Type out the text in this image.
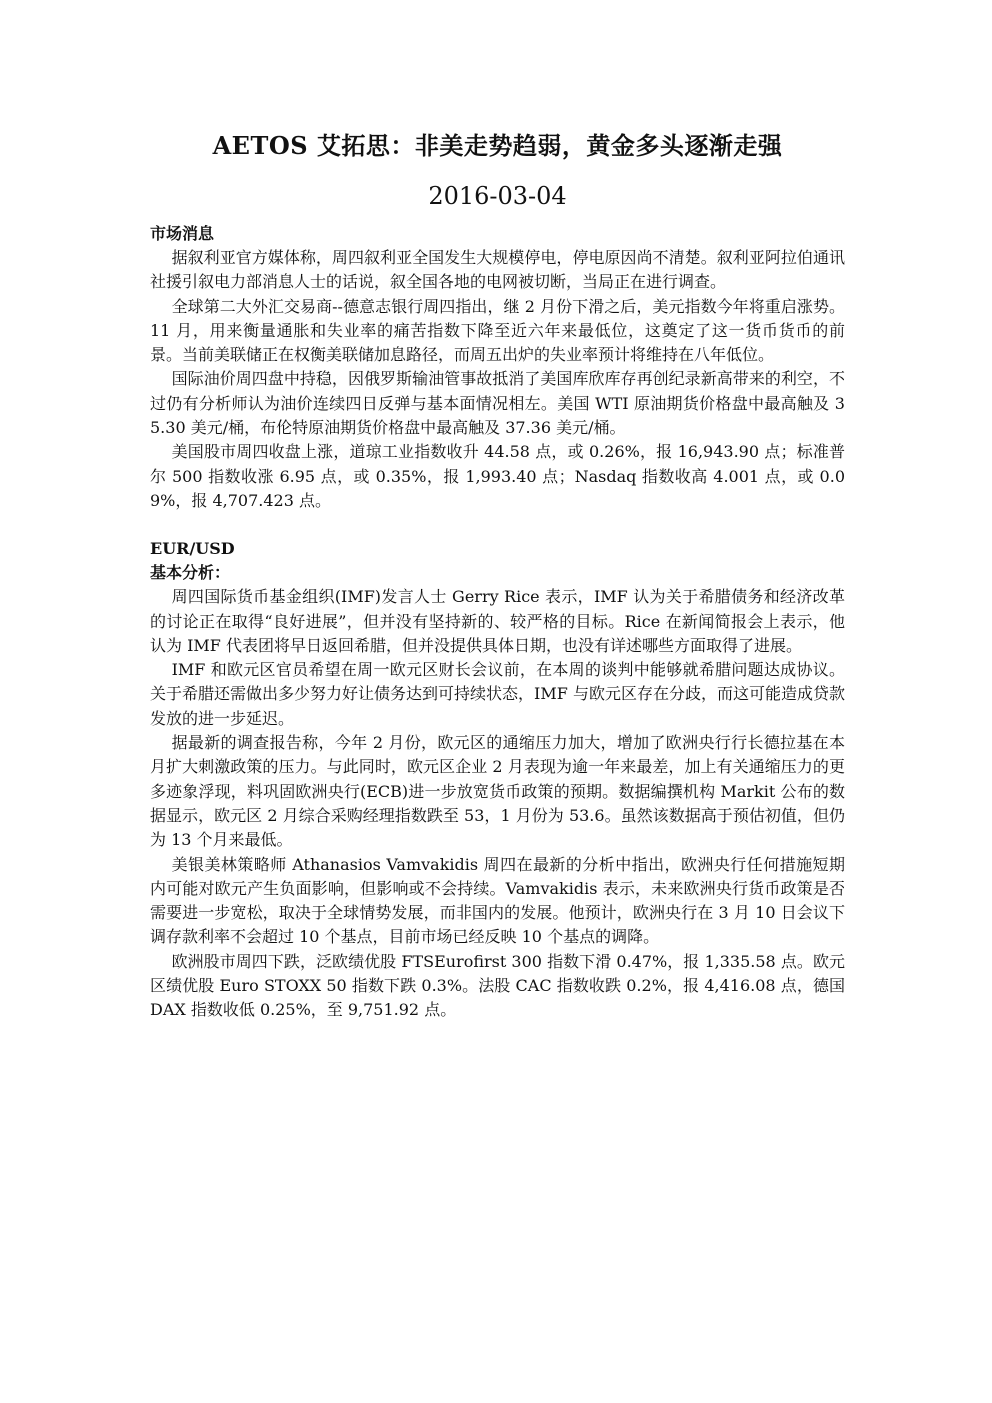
AETOS 艾拓思：非美走势趋弱，黄金多头逐渐走强
2016-03-04
市场消息

据叙利亚官方媒体称，周四叙利亚全国发生大规模停电，停电原因尚不清楚。叙利亚阿拉伯通讯社援引叙电力部消息人士的话说，叙全国各地的电网被切断，当局正在进行调查。

全球第二大外汇交易商--德意志银行周四指出，继 2 月份下滑之后，美元指数今年将重启涨势。11 月，用来衡量通胀和失业率的痛苦指数下降至近六年来最低位，这奠定了这一货币货币的前景。当前美联储正在权衡美联储加息路径，而周五出炉的失业率预计将维持在八年低位。

国际油价周四盘中持稳，因俄罗斯输油管事故抵消了美国库欣库存再创纪录新高带来的利空，不过仍有分析师认为油价连续四日反弹与基本面情况相左。美国 WTI 原油期货价格盘中最高触及 35.30 美元/桶，布伦特原油期货价格盘中最高触及 37.36 美元/桶。

美国股市周四收盘上涨，道琼工业指数收升 44.58 点，或 0.26%，报 16,943.90 点；标准普尔 500 指数收涨 6.95 点，或 0.35%，报 1,993.40 点；Nasdaq 指数收高 4.001 点，或 0.09%，报 4,707.423 点。

EUR/USD
基本分析：

周四国际货币基金组织(IMF)发言人士 Gerry Rice 表示，IMF 认为关于希腊债务和经济改革的讨论正在取得“良好进展”，但并没有坚持新的、较严格的目标。Rice 在新闻简报会上表示，他认为 IMF 代表团将早日返回希腊，但并没提供具体日期，也没有详述哪些方面取得了进展。

IMF 和欧元区官员希望在周一欧元区财长会议前，在本周的谈判中能够就希腊问题达成协议。关于希腊还需做出多少努力好让债务达到可持续状态，IMF 与欧元区存在分歧，而这可能造成贷款发放的进一步延迟。

据最新的调查报告称，今年 2 月份，欧元区的通缩压力加大，增加了欧洲央行行长德拉基在本月扩大刺激政策的压力。与此同时，欧元区企业 2 月表现为逾一年来最差，加上有关通缩压力的更多迹象浮现，料巩固欧洲央行(ECB)进一步放宽货币政策的预期。数据编撰机构 Markit 公布的数据显示，欧元区 2 月综合采购经理指数跌至 53，1 月份为 53.6。虽然该数据高于预估初值，但仍为 13 个月来最低。

美银美林策略师 Athanasios Vamvakidis 周四在最新的分析中指出，欧洲央行任何措施短期内可能对欧元产生负面影响，但影响或不会持续。Vamvakidis 表示，未来欧洲央行货币政策是否需要进一步宽松，取决于全球情势发展，而非国内的发展。他预计，欧洲央行在 3 月 10 日会议下调存款利率不会超过 10 个基点，目前市场已经反映 10 个基点的调降。

欧洲股市周四下跌，泛欧绩优股 FTSEurofirst 300 指数下滑 0.47%，报 1,335.58 点。欧元区绩优股 Euro STOXX 50 指数下跌 0.3%。法股 CAC 指数收跌 0.2%，报 4,416.08 点，德国 DAX 指数收低 0.25%，至 9,751.92 点。
